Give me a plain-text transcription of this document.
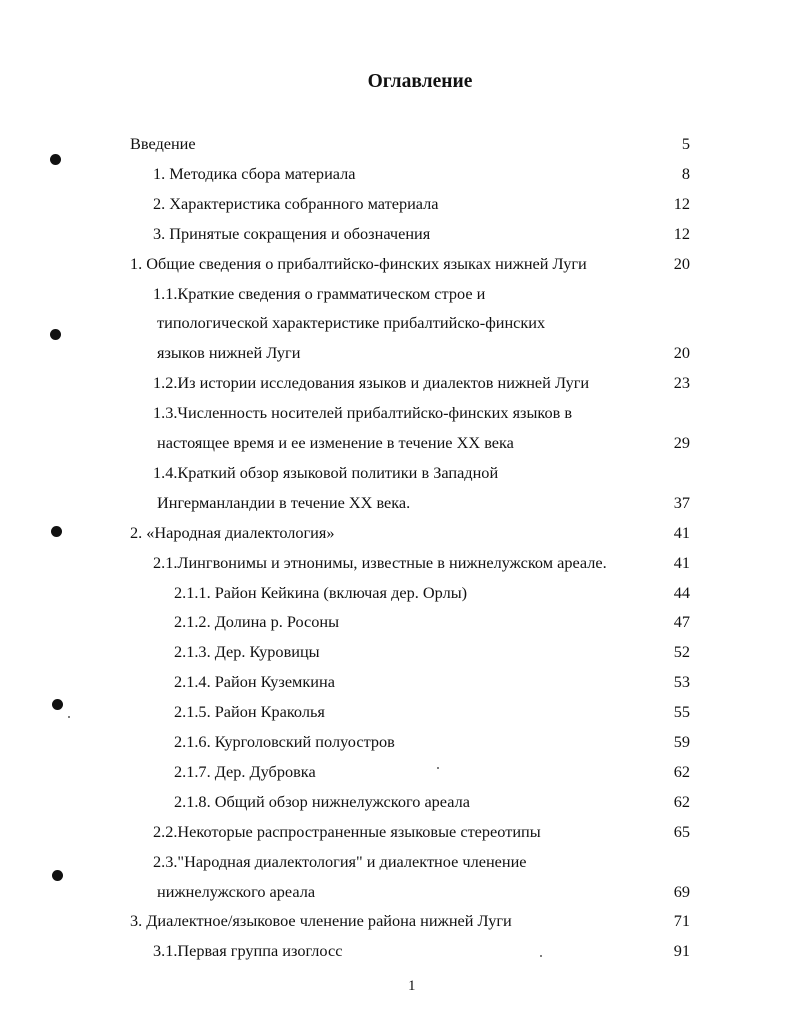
Оглавление
Введение	5
1. Методика сбора материала	8
2. Характеристика собранного материала	12
3. Принятые сокращения и обозначения	12
1. Общие сведения о прибалтийско-финских языках нижней Луги	20
1.1.Краткие сведения о грамматическом строе и
типологической характеристике прибалтийско-финских
языков нижней Луги	20
1.2.Из истории исследования языков и диалектов нижней Луги	23
1.3.Численность носителей прибалтийско-финских языков в
настоящее время и ее изменение в течение XX века	29
1.4.Краткий обзор языковой политики в Западной
Ингерманландии в течение XX века.	37
2. «Народная диалектология»	41
2.1.Лингвонимы и этнонимы, известные в нижнелужском ареале.	41
2.1.1. Район Кейкина (включая дер. Орлы)	44
2.1.2. Долина р. Росоны	47
2.1.3. Дер. Куровицы	52
2.1.4. Район Куземкина	53
2.1.5. Район Краколья	55
2.1.6. Курголовский полуостров	59
2.1.7. Дер. Дубровка	62
2.1.8. Общий обзор нижнелужского ареала	62
2.2.Некоторые распространенные языковые стереотипы	65
2.3."Народная диалектология" и диалектное членение
нижнелужского ареала	69
3. Диалектное/языковое членение района нижней Луги	71
3.1.Первая группа изоглосс	91
1
